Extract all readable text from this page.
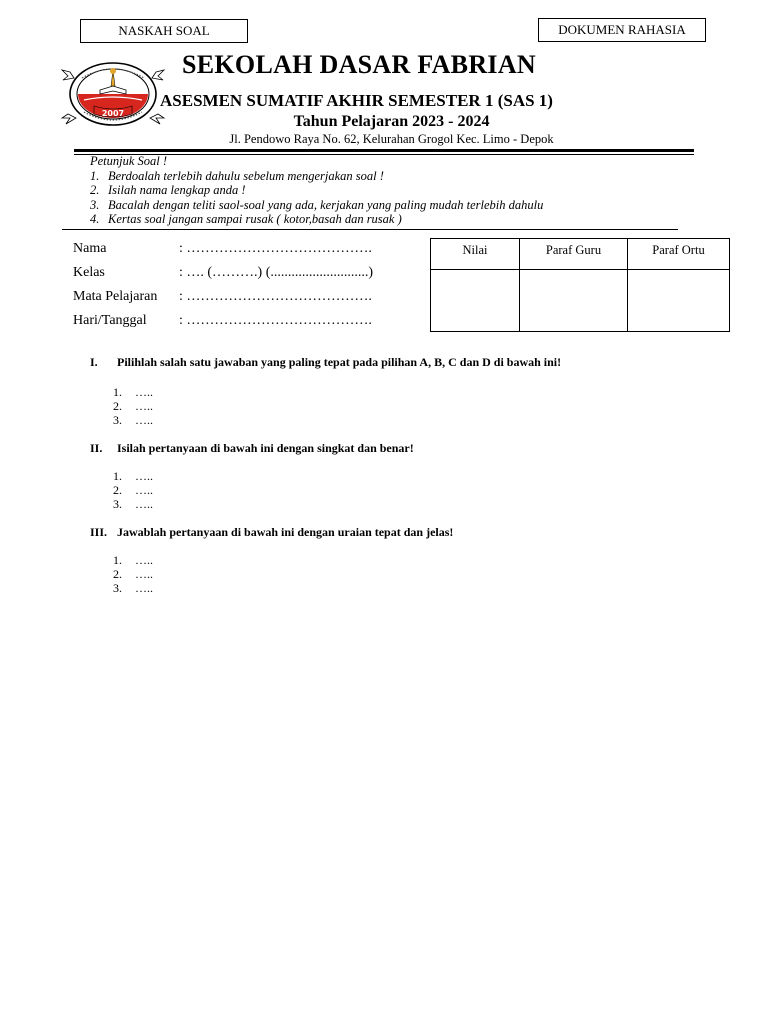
NASKAH SOAL	DOKUMEN RAHASIA
2007
SEKOLAH DASAR FABRIAN
ASESMEN SUMATIF AKHIR SEMESTER 1 (SAS 1)
Tahun Pelajaran 2023 - 2024
Jl. Pendowo Raya No. 62, Kelurahan Grogol Kec. Limo - Depok
Petunjuk Soal !
1. Berdoalah terlebih dahulu sebelum mengerjakan soal !
2. Isilah nama lengkap anda !
3. Bacalah dengan teliti saol-soal yang ada, kerjakan yang paling mudah terlebih dahulu
4. Kertas soal jangan sampai rusak ( kotor,basah dan rusak )
Nama	: ………………………………….
Kelas	: …. (……….) (............................)
Mata Pelajaran : ………………………………….
Hari/Tanggal : ………………………………….
Nilai	Paraf Guru	Paraf Ortu

I. Pilihlah salah satu jawaban yang paling tepat pada pilihan A, B, C dan D di bawah ini!
1. …..
2. …..
3. …..
II. Isilah pertanyaan di bawah ini dengan singkat dan benar!
1. …..
2. …..
3. …..
III. Jawablah pertanyaan di bawah ini dengan uraian tepat dan jelas!
1. …..
2. …..
3. …..
